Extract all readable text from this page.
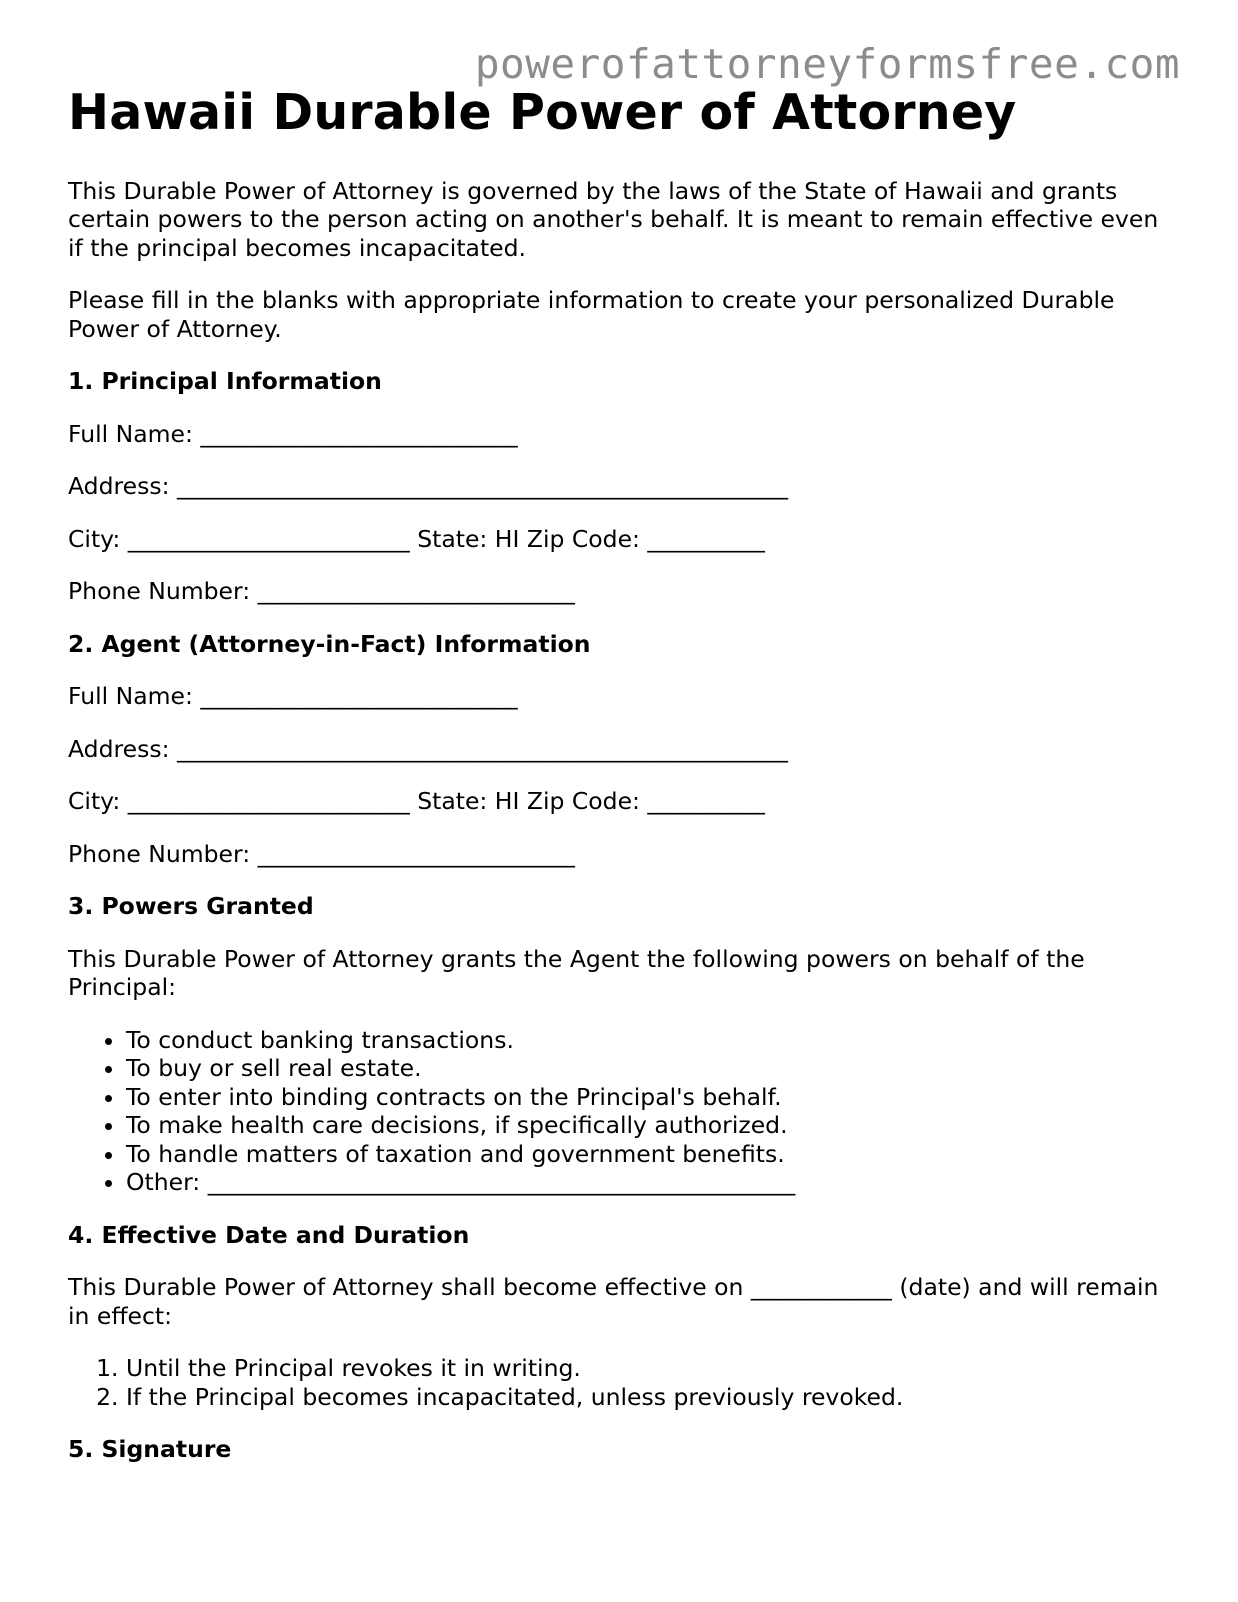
powerofattorneyformsfree.com
Hawaii Durable Power of Attorney

This Durable Power of Attorney is governed by the laws of the State of Hawaii and grants certain powers to the person acting on another's behalf. It is meant to remain effective even if the principal becomes incapacitated.

Please fill in the blanks with appropriate information to create your personalized Durable Power of Attorney.

1. Principal Information
Full Name: ___________________________
Address: ____________________________________________________
City: ________________________ State: HI Zip Code: __________
Phone Number: ___________________________
2. Agent (Attorney-in-Fact) Information
Full Name: ___________________________
Address: ____________________________________________________
City: ________________________ State: HI Zip Code: __________
Phone Number: ___________________________
3. Powers Granted

This Durable Power of Attorney grants the Agent the following powers on behalf of the Principal:

• To conduct banking transactions.
• To buy or sell real estate.
• To enter into binding contracts on the Principal's behalf.
• To make health care decisions, if specifically authorized.
• To handle matters of taxation and government benefits.
• Other: __________________________________________________
4. Effective Date and Duration

This Durable Power of Attorney shall become effective on ____________ (date) and will remain in effect:

1. Until the Principal revokes it in writing.
2. If the Principal becomes incapacitated, unless previously revoked.
5. Signature
